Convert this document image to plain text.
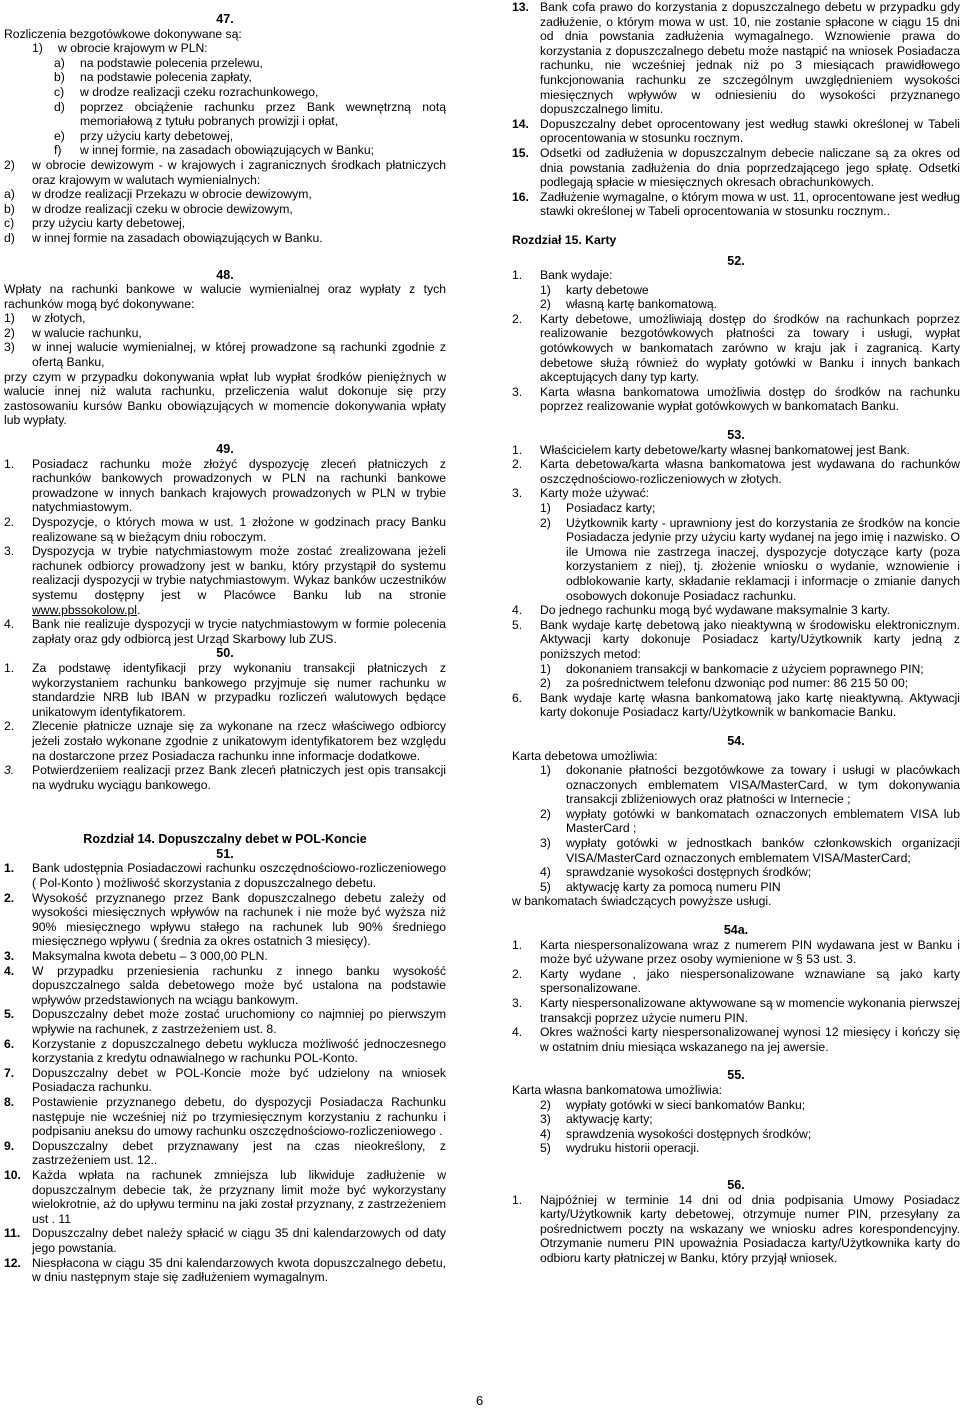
47.

Rozliczenia bezgotówkowe dokonywane są:

1)	w obrocie krajowym w PLN:
a)	na podstawie polecenia przelewu,
b)	na podstawie polecenia zapłaty,
c)	w drodze realizacji czeku rozrachunkowego,
d)	poprzez obciążenie rachunku przez Bank wewnętrzną notą memoriałową z tytułu pobranych prowizji i opłat,
e)	przy użyciu karty debetowej,
f)	w innej formie, na zasadach obowiązujących w Banku;
2)	w obrocie dewizowym - w krajowych i zagranicznych środkach płatniczych oraz krajowym w walutach wymienialnych:
a)	w drodze realizacji Przekazu w obrocie dewizowym,
b)	w drodze realizacji czeku w obrocie dewizowym,
c)	przy użyciu karty debetowej,
d)	w innej formie na zasadach obowiązujących w Banku.

48.

Wpłaty na rachunki bankowe w walucie wymienialnej oraz wypłaty z tych rachunków mogą być dokonywane:

1)	w złotych,
2)	w walucie rachunku,
3)	w innej walucie wymienialnej, w której prowadzone są rachunki zgodnie z ofertą Banku,

przy czym w przypadku dokonywania wpłat lub wypłat środków pieniężnych w walucie innej niż waluta rachunku, przeliczenia walut dokonuje się przy zastosowaniu kursów Banku obowiązujących w momencie dokonywania wpłaty lub wypłaty.

49.

1.	Posiadacz rachunku może złożyć dyspozycję zleceń płatniczych z rachunków bankowych prowadzonych w PLN na rachunki bankowe prowadzone w innych bankach krajowych prowadzonych w PLN w trybie natychmiastowym.
2.	Dyspozycje, o których mowa w ust. 1 złożone w godzinach pracy Banku realizowane są w bieżącym dniu roboczym.
3.	Dyspozycja w trybie natychmiastowym może zostać zrealizowana jeżeli rachunek odbiorcy prowadzony jest w banku, który przystąpił do systemu realizacji dyspozycji w trybie natychmiastowym. Wykaz banków uczestników systemu dostępny jest w Placówce Banku lub na stronie www.pbssokolow.pl.
4.	Bank nie realizuje dyspozycji w trycie natychmiastowym w formie polecenia zapłaty oraz gdy odbiorcą jest Urząd Skarbowy lub ZUS.

50.

1.	Za podstawę identyfikacji przy wykonaniu transakcji płatniczych z wykorzystaniem rachunku bankowego przyjmuje się numer rachunku w standardzie NRB lub IBAN w przypadku rozliczeń walutowych będące unikatowym identyfikatorem.
2.	Zlecenie płatnicze uznaje się za wykonane na rzecz właściwego odbiorcy jeżeli zostało wykonane zgodnie z unikatowym identyfikatorem bez względu na dostarczone przez Posiadacza rachunku inne informacje dodatkowe.
3.	Potwierdzeniem realizacji przez Bank zleceń płatniczych jest opis transakcji na wydruku wyciągu bankowego.

Rozdział 14. Dopuszczalny debet w POL-Koncie

51.

1.	Bank udostępnia Posiadaczowi rachunku oszczędnościowo-rozliczeniowego ( Pol-Konto ) możliwość skorzystania z dopuszczalnego debetu.
2.	Wysokość przyznanego przez Bank dopuszczalnego debetu zależy od wysokości miesięcznych wpływów na rachunek i nie może być wyższa niż 90% miesięcznego wpływu stałego na rachunek lub 90% średniego miesięcznego wpływu ( średnia za okres ostatnich 3 miesięcy).
3.	Maksymalna kwota debetu – 3 000,00 PLN.
4.	W przypadku przeniesienia rachunku z innego banku wysokość dopuszczalnego salda debetowego może być ustalona na podstawie wpływów przedstawionych na wciągu bankowym.
5.	Dopuszczalny debet może zostać uruchomiony co najmniej po pierwszym wpływie na rachunek, z zastrzeżeniem ust. 8.
6.	Korzystanie z dopuszczalnego debetu wyklucza możliwość jednoczesnego korzystania z kredytu odnawialnego w rachunku POL-Konto.
7.	Dopuszczalny debet w POL-Koncie może być udzielony na wniosek Posiadacza rachunku.
8.	Postawienie przyznanego debetu, do dyspozycji Posiadacza Rachunku następuje nie wcześniej niż po trzymiesięcznym korzystaniu z rachunku i podpisaniu aneksu do umowy rachunku oszczędnościowo-rozliczeniowego .
9.	Dopuszczalny debet przyznawany jest na czas nieokreślony, z zastrzeżeniem ust. 12..
10. Każda wpłata na rachunek zmniejsza lub likwiduje zadłużenie w dopuszczalnym debecie tak, że przyznany limit może być wykorzystany wielokrotnie, aż do upływu terminu na jaki został przyznany, z zastrzeżeniem ust . 11
11. Dopuszczalny debet należy spłacić w ciągu 35 dni kalendarzowych od daty jego powstania.
12. Niespłacona w ciągu 35 dni kalendarzowych kwota dopuszczalnego debetu, w dniu następnym staje się zadłużeniem wymagalnym.
13. Bank cofa prawo do korzystania z dopuszczalnego debetu w przypadku gdy zadłużenie, o którym mowa w ust. 10, nie zostanie spłacone w ciągu 15 dni od dnia powstania zadłużenia wymagalnego. Wznowienie prawa do korzystania z dopuszczalnego debetu może nastąpić na wniosek Posiadacza rachunku, nie wcześniej jednak niż po 3 miesiącach prawidłowego funkcjonowania rachunku ze szczególnym uwzględnieniem wysokości miesięcznych wpływów w odniesieniu do wysokości przyznanego dopuszczalnego limitu.
14. Dopuszczalny debet oprocentowany jest według stawki określonej w Tabeli oprocentowania w stosunku rocznym.
15. Odsetki od zadłużenia w dopuszczalnym debecie naliczane są za okres od dnia powstania zadłużenia do dnia poprzedzającego jego spłatę. Odsetki podlegają spłacie w miesięcznych okresach obrachunkowych.
16. Zadłużenie wymagalne, o którym mowa w ust. 11, oprocentowane jest według stawki określonej w Tabeli oprocentowania w stosunku rocznym..

Rozdział 15. Karty

52.

1.	Bank wydaje:
1)	karty debetowe
2)	własną kartę bankomatową.
2.	Karty debetowe, umożliwiają dostęp do środków na rachunkach poprzez realizowanie bezgotówkowych płatności za towary i usługi, wypłat gotówkowych w bankomatach zarówno w kraju jak i zagranicą. Karty debetowe służą również do wypłaty gotówki w Banku i innych bankach akceptujących dany typ karty.
3.	Karta własna bankomatowa umożliwia dostęp do środków na rachunku poprzez realizowanie wypłat gotówkowych w bankomatach Banku.

53.

1.	Właścicielem karty debetowe/karty własnej bankomatowej jest Bank.
2.	Karta debetowa/karta własna bankomatowa jest wydawana do rachunków oszczędnościowo-rozliczeniowych w złotych.
3.	Karty może używać:
1)	Posiadacz karty;
2)	Użytkownik karty - uprawniony jest do korzystania ze środków na koncie Posiadacza jedynie przy użyciu karty wydanej na jego imię i nazwisko. O ile Umowa nie zastrzega inaczej, dyspozycje dotyczące karty (poza korzystaniem z niej), tj. złożenie wniosku o wydanie, wznowienie i odblokowanie karty, składanie reklamacji i informacje o zmianie danych osobowych dokonuje Posiadacz rachunku.
4.	Do jednego rachunku mogą być wydawane maksymalnie 3 karty.
5.	Bank wydaje kartę debetową jako nieaktywną w środowisku elektronicznym. Aktywacji karty dokonuje Posiadacz karty/Użytkownik karty jedną z poniższych metod:
1)	dokonaniem transakcji w bankomacie z użyciem poprawnego PIN;
2)	za pośrednictwem telefonu dzwoniąc pod numer: 86 215 50 00;
6.	Bank wydaje kartę własna bankomatową jako kartę nieaktywną. Aktywacji karty dokonuje Posiadacz karty/Użytkownik w bankomacie Banku.

54.

Karta debetowa umożliwia:

1)	dokonanie płatności bezgotówkowe za towary i usługi w placówkach oznaczonych emblematem VISA/MasterCard, w tym dokonywania transakcji zbliżeniowych oraz płatności w Internecie ;
2)	wypłaty gotówki w bankomatach oznaczonych emblematem VISA lub MasterCard ;
3)	wypłaty gotówki w jednostkach banków członkowskich organizacji VISA/MasterCard oznaczonych emblematem VISA/MasterCard;
4)	sprawdzanie wysokości dostępnych środków;
5)	aktywację karty za pomocą numeru PIN

w bankomatach świadczących powyższe usługi.

54a.

1.	Karta niespersonalizowana wraz z numerem PIN wydawana jest w Banku i może być używane przez osoby wymienione w § 53 ust. 3.
2.	Karty wydane , jako niespersonalizowane wznawiane są jako karty spersonalizowane.
3.	Karty niespersonalizowane aktywowane są w momencie wykonania pierwszej transakcji poprzez użycie numeru PIN.
4.	Okres ważności karty niespersonalizowanej wynosi 12 miesięcy i kończy się w ostatnim dniu miesiąca wskazanego na jej awersie.

55.

Karta własna bankomatowa umożliwia:

2)	wypłaty gotówki w sieci bankomatów Banku;
3)	aktywację karty;
4)	sprawdzenia wysokości dostępnych środków;
5)	wydruku historii operacji.

56.

1.	Najpóźniej w terminie 14 dni od dnia podpisania Umowy Posiadacz karty/Użytkownik karty debetowej, otrzymuje numer PIN, przesyłany za pośrednictwem poczty na wskazany we wniosku adres korespondencyjny. Otrzymanie numeru PIN upoważnia Posiadacza karty/Użytkownika karty do odbioru karty płatniczej w Banku, który przyjął wniosek.
6
